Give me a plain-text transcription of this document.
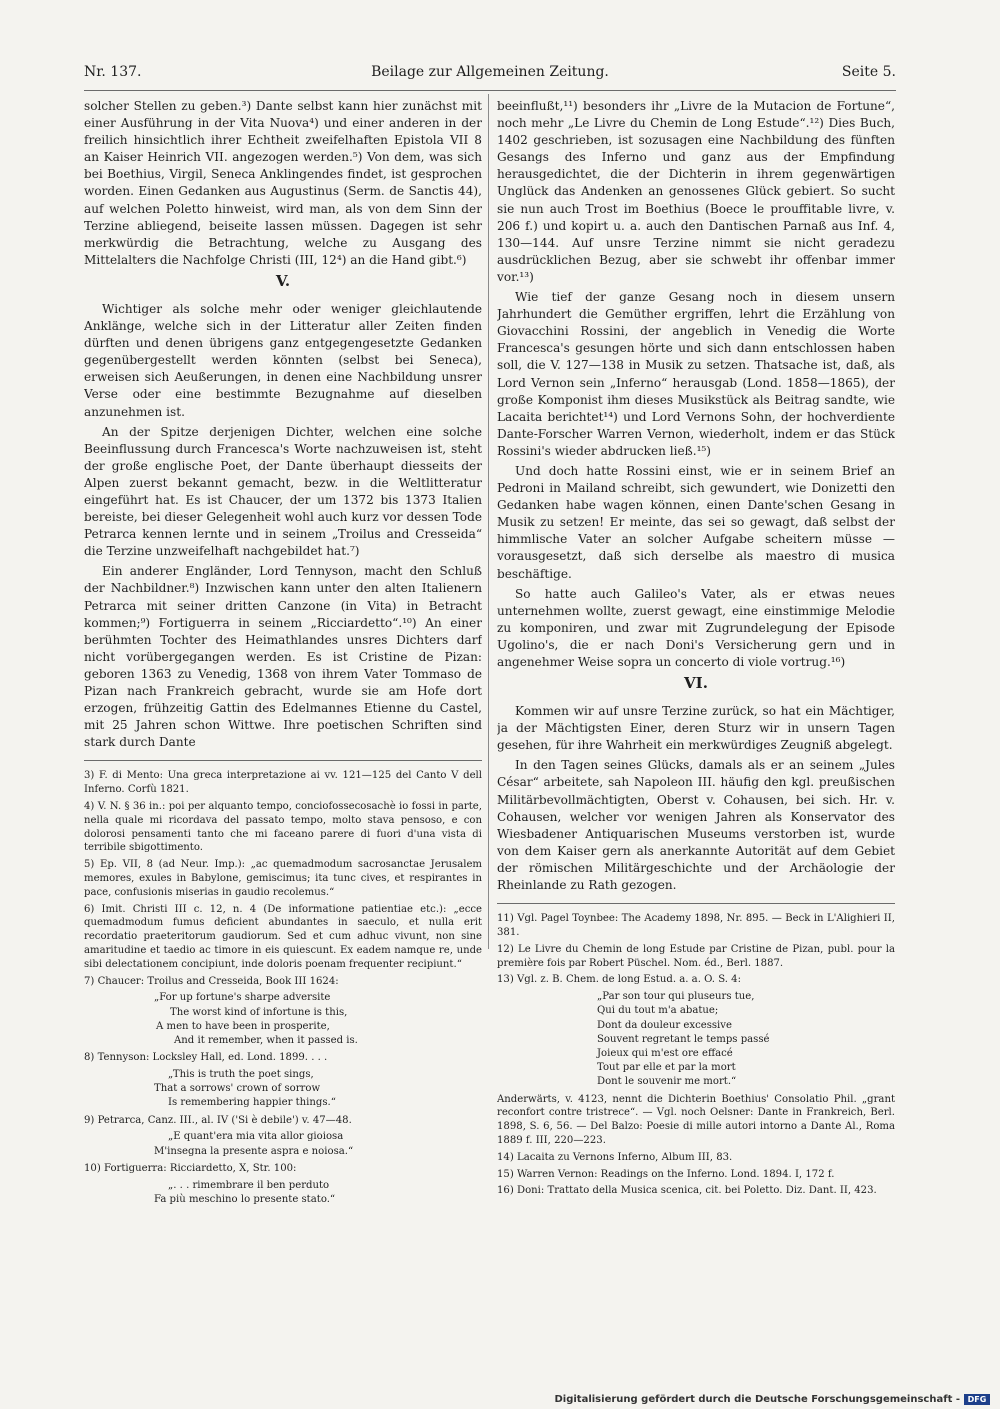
Nr. 137.	Beilage zur Allgemeinen Zeitung.	Seite 5.

solcher Stellen zu geben.³) Dante selbst kann hier zunächst mit einer Ausführung in der Vita Nuova⁴) und einer anderen in der freilich hinsichtlich ihrer Echtheit zweifelhaften Epistola VII 8 an Kaiser Heinrich VII. angezogen werden.⁵) Von dem, was sich bei Boethius, Virgil, Seneca Anklingendes findet, ist gesprochen worden. Einen Gedanken aus Augustinus (Serm. de Sanctis 44), auf welchen Poletto hinweist, wird man, als von dem Sinn der Terzine abliegend, beiseite lassen müssen. Dagegen ist sehr merkwürdig die Betrachtung, welche zu Ausgang des Mittelalters die Nachfolge Christi (III, 12⁴) an die Hand gibt.⁶)

V.

Wichtiger als solche mehr oder weniger gleichlautende Anklänge, welche sich in der Litteratur aller Zeiten finden dürften und denen übrigens ganz entgegengesetzte Gedanken gegenübergestellt werden könnten (selbst bei Seneca), erweisen sich Aeußerungen, in denen eine Nachbildung unsrer Verse oder eine bestimmte Bezugnahme auf dieselben anzunehmen ist.

An der Spitze derjenigen Dichter, welchen eine solche Beeinflussung durch Francesca's Worte nachzuweisen ist, steht der große englische Poet, der Dante überhaupt diesseits der Alpen zuerst bekannt gemacht, bezw. in die Weltlitteratur eingeführt hat. Es ist Chaucer, der um 1372 bis 1373 Italien bereiste, bei dieser Gelegenheit wohl auch kurz vor dessen Tode Petrarca kennen lernte und in seinem „Troilus and Cresseida“ die Terzine unzweifelhaft nachgebildet hat.⁷)

Ein anderer Engländer, Lord Tennyson, macht den Schluß der Nachbildner.⁸) Inzwischen kann unter den alten Italienern Petrarca mit seiner dritten Canzone (in Vita) in Betracht kommen;⁹) Fortiguerra in seinem „Ricciardetto“.¹⁰) An einer berühmten Tochter des Heimathlandes unsres Dichters darf nicht vorübergegangen werden. Es ist Cristine de Pizan: geboren 1363 zu Venedig, 1368 von ihrem Vater Tommaso de Pizan nach Frankreich gebracht, wurde sie am Hofe dort erzogen, frühzeitig Gattin des Edelmannes Etienne du Castel, mit 25 Jahren schon Wittwe. Ihre poetischen Schriften sind stark durch Dante

3) F. di Mento: Una greca interpretazione ai vv. 121—125 del Canto V dell Inferno. Corfù 1821.

4) V. N. § 36 in.: poi per alquanto tempo, conciofossecosachè io fossi in parte, nella quale mi ricordava del passato tempo, molto stava pensoso, e con dolorosi pensamenti tanto che mi faceano parere di fuori d'una vista di terribile sbigottimento.

5) Ep. VII, 8 (ad Neur. Imp.): „ac quemadmodum sacrosanctae Jerusalem memores, exules in Babylone, gemiscimus; ita tunc cives, et respirantes in pace, confusionis miserias in gaudio recolemus.“

6) Imit. Christi III c. 12, n. 4 (De informatione patientiae etc.): „ecce quemadmodum fumus deficient abundantes in saeculo, et nulla erit recordatio praeteritorum gaudiorum. Sed et cum adhuc vivunt, non sine amaritudine et taedio ac timore in eis quiescunt. Ex eadem namque re, unde sibi delectationem concipiunt, inde doloris poenam frequenter recipiunt.“

7) Chaucer: Troilus and Cresseida, Book III 1624:

„For up fortune's sharpe adversite
The worst kind of infortune is this,
A men to have been in prosperite,
And it remember, when it passed is.

8) Tennyson: Locksley Hall, ed. Lond. 1899. . . .

„This is truth the poet sings,
That a sorrows' crown of sorrow
Is remembering happier things.“

9) Petrarca, Canz. III., al. IV ('Si è debile') v. 47—48.

„E quant'era mia vita allor gioiosa
M'insegna la presente aspra e noiosa.“

10) Fortiguerra: Ricciardetto, X, Str. 100:

„. . . rimembrare il ben perduto
Fa più meschino lo presente stato.“

beeinflußt,¹¹) besonders ihr „Livre de la Mutacion de Fortune“, noch mehr „Le Livre du Chemin de Long Estude“.¹²) Dies Buch, 1402 geschrieben, ist sozusagen eine Nachbildung des fünften Gesangs des Inferno und ganz aus der Empfindung herausgedichtet, die der Dichterin in ihrem gegenwärtigen Unglück das Andenken an genossenes Glück gebiert. So sucht sie nun auch Trost im Boethius (Boece le prouffitable livre, v. 206 f.) und kopirt u. a. auch den Dantischen Parnaß aus Inf. 4, 130—144. Auf unsre Terzine nimmt sie nicht geradezu ausdrücklichen Bezug, aber sie schwebt ihr offenbar immer vor.¹³)

Wie tief der ganze Gesang noch in diesem unsern Jahrhundert die Gemüther ergriffen, lehrt die Erzählung von Giovacchini Rossini, der angeblich in Venedig die Worte Francesca's gesungen hörte und sich dann entschlossen haben soll, die V. 127—138 in Musik zu setzen. Thatsache ist, daß, als Lord Vernon sein „Inferno“ herausgab (Lond. 1858—1865), der große Komponist ihm dieses Musikstück als Beitrag sandte, wie Lacaita berichtet¹⁴) und Lord Vernons Sohn, der hochverdiente Dante-Forscher Warren Vernon, wiederholt, indem er das Stück Rossini's wieder abdrucken ließ.¹⁵)

Und doch hatte Rossini einst, wie er in seinem Brief an Pedroni in Mailand schreibt, sich gewundert, wie Donizetti den Gedanken habe wagen können, einen Dante'schen Gesang in Musik zu setzen! Er meinte, das sei so gewagt, daß selbst der himmlische Vater an solcher Aufgabe scheitern müsse — vorausgesetzt, daß sich derselbe als maestro di musica beschäftige.

So hatte auch Galileo's Vater, als er etwas neues unternehmen wollte, zuerst gewagt, eine einstimmige Melodie zu komponiren, und zwar mit Zugrundelegung der Episode Ugolino's, die er nach Doni's Versicherung gern und in angenehmer Weise sopra un concerto di viole vortrug.¹⁶)

VI.

Kommen wir auf unsre Terzine zurück, so hat ein Mächtiger, ja der Mächtigsten Einer, deren Sturz wir in unsern Tagen gesehen, für ihre Wahrheit ein merkwürdiges Zeugniß abgelegt.

In den Tagen seines Glücks, damals als er an seinem „Jules César“ arbeitete, sah Napoleon III. häufig den kgl. preußischen Militärbevollmächtigten, Oberst v. Cohausen, bei sich. Hr. v. Cohausen, welcher vor wenigen Jahren als Konservator des Wiesbadener Antiquarischen Museums verstorben ist, wurde von dem Kaiser gern als anerkannte Autorität auf dem Gebiet der römischen Militärgeschichte und der Archäologie der Rheinlande zu Rath gezogen.

11) Vgl. Pagel Toynbee: The Academy 1898, Nr. 895. — Beck in L'Alighieri II, 381.

12) Le Livre du Chemin de long Estude par Cristine de Pizan, publ. pour la première fois par Robert Püschel. Nom. éd., Berl. 1887.

13) Vgl. z. B. Chem. de long Estud. a. a. O. S. 4:

„Par son tour qui pluseurs tue,
Qui du tout m'a abatue;
Dont da douleur excessive
Souvent regretant le temps passé
Joieux qui m'est ore effacé
Tout par elle et par la mort
Dont le souvenir me mort.“

Anderwärts, v. 4123, nennt die Dichterin Boethius' Consolatio Phil. „grant reconfort contre tristrece“. — Vgl. noch Oelsner: Dante in Frankreich, Berl. 1898, S. 6, 56. — Del Balzo: Poesie di mille autori intorno a Dante Al., Roma 1889 f. III, 220—223.

14) Lacaita zu Vernons Inferno, Album III, 83.

15) Warren Vernon: Readings on the Inferno. Lond. 1894. I, 172 f.

16) Doni: Trattato della Musica scenica, cit. bei Poletto. Diz. Dant. II, 423.

Digitalisierung gefördert durch die Deutsche Forschungsgemeinschaft - DFG
